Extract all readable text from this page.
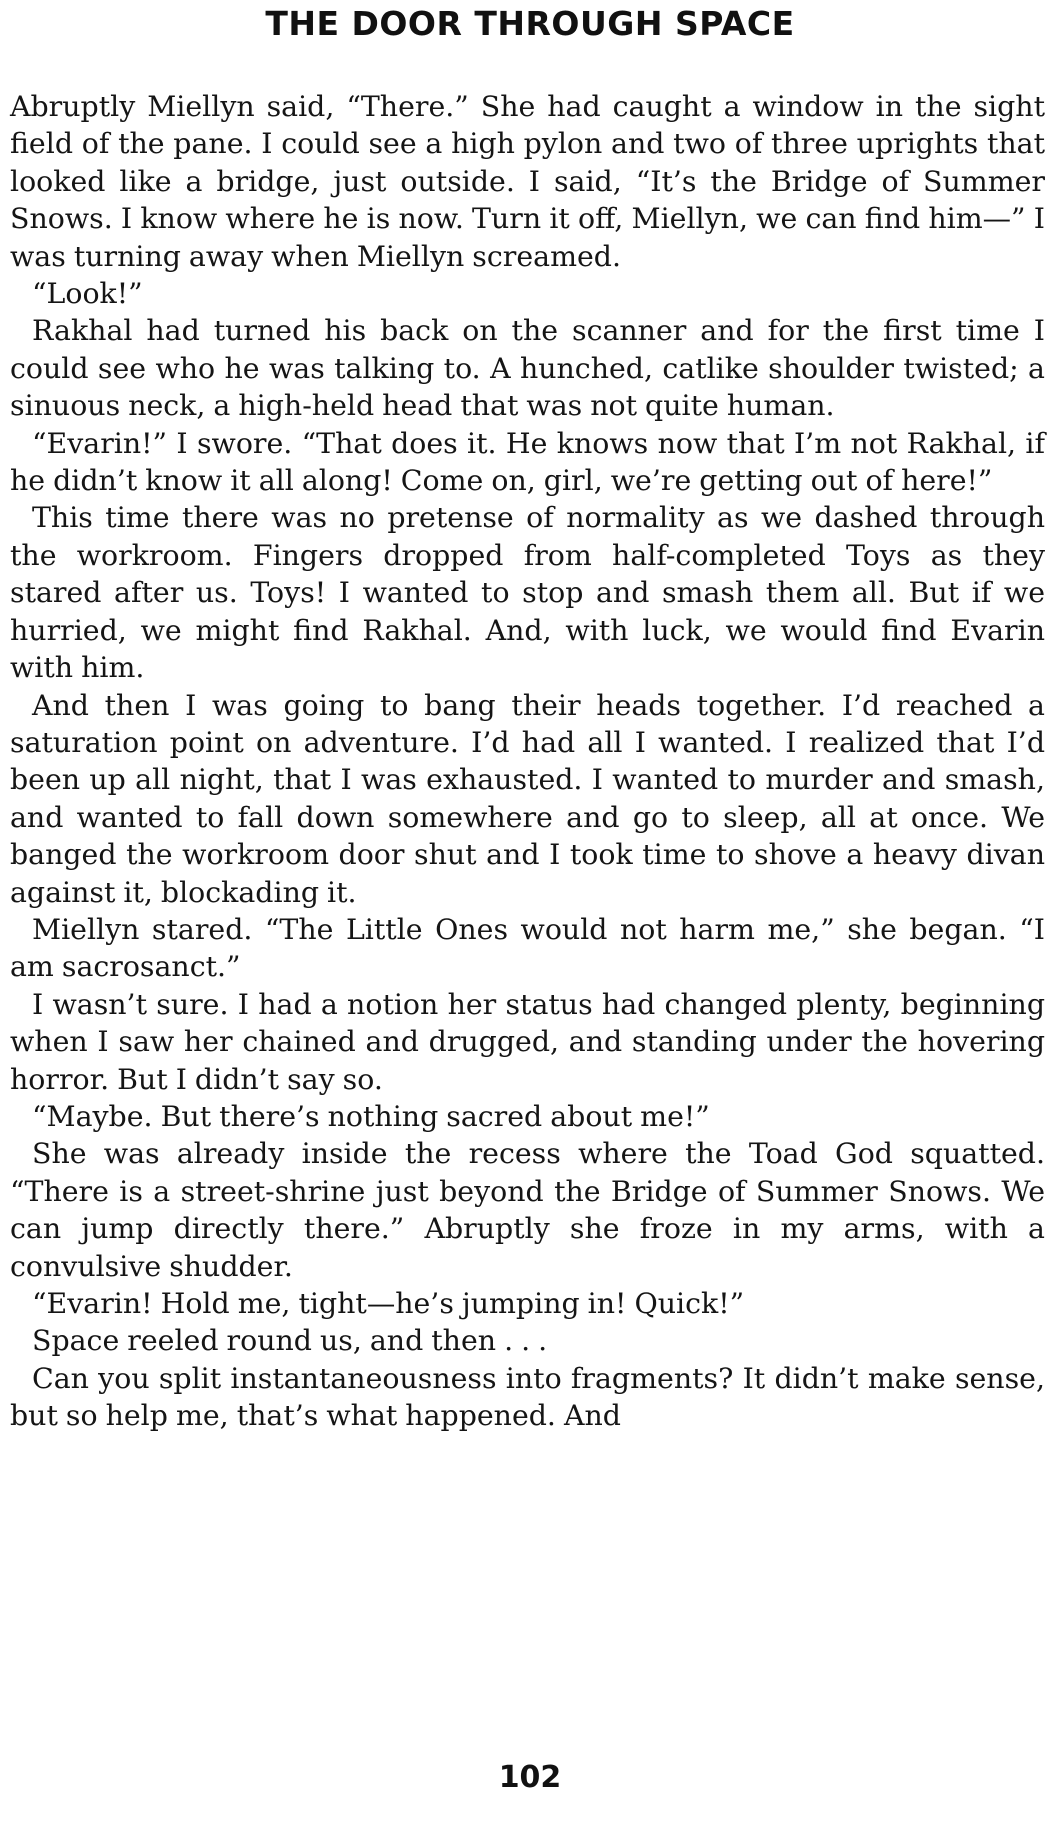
THE DOOR THROUGH SPACE

Abruptly Miellyn said, “There.” She had caught a window in the sight field of the pane. I could see a high pylon and two of three uprights that looked like a bridge, just outside. I said, “It’s the Bridge of Summer Snows. I know where he is now. Turn it off, Miellyn, we can find him—” I was turning away when Miellyn screamed.

“Look!”

Rakhal had turned his back on the scanner and for the first time I could see who he was talking to. A hunched, catlike shoulder twisted; a sinuous neck, a high-held head that was not quite human.

“Evarin!” I swore. “That does it. He knows now that I’m not Rakhal, if he didn’t know it all along! Come on, girl, we’re getting out of here!”

This time there was no pretense of normality as we dashed through the workroom. Fingers dropped from half-completed Toys as they stared after us. Toys! I wanted to stop and smash them all. But if we hurried, we might find Rakhal. And, with luck, we would find Evarin with him.

And then I was going to bang their heads together. I’d reached a saturation point on adventure. I’d had all I wanted. I realized that I’d been up all night, that I was exhausted. I wanted to murder and smash, and wanted to fall down somewhere and go to sleep, all at once. We banged the workroom door shut and I took time to shove a heavy divan against it, blockading it.

Miellyn stared. “The Little Ones would not harm me,” she began. “I am sacrosanct.”

I wasn’t sure. I had a notion her status had changed plenty, beginning when I saw her chained and drugged, and standing under the hovering horror. But I didn’t say so.

“Maybe. But there’s nothing sacred about me!”

She was already inside the recess where the Toad God squatted. “There is a street-shrine just beyond the Bridge of Summer Snows. We can jump directly there.” Abruptly she froze in my arms, with a convulsive shudder.

“Evarin! Hold me, tight—he’s jumping in! Quick!”

Space reeled round us, and then . . .

Can you split instantaneousness into fragments? It didn’t make sense, but so help me, that’s what happened. And

102
